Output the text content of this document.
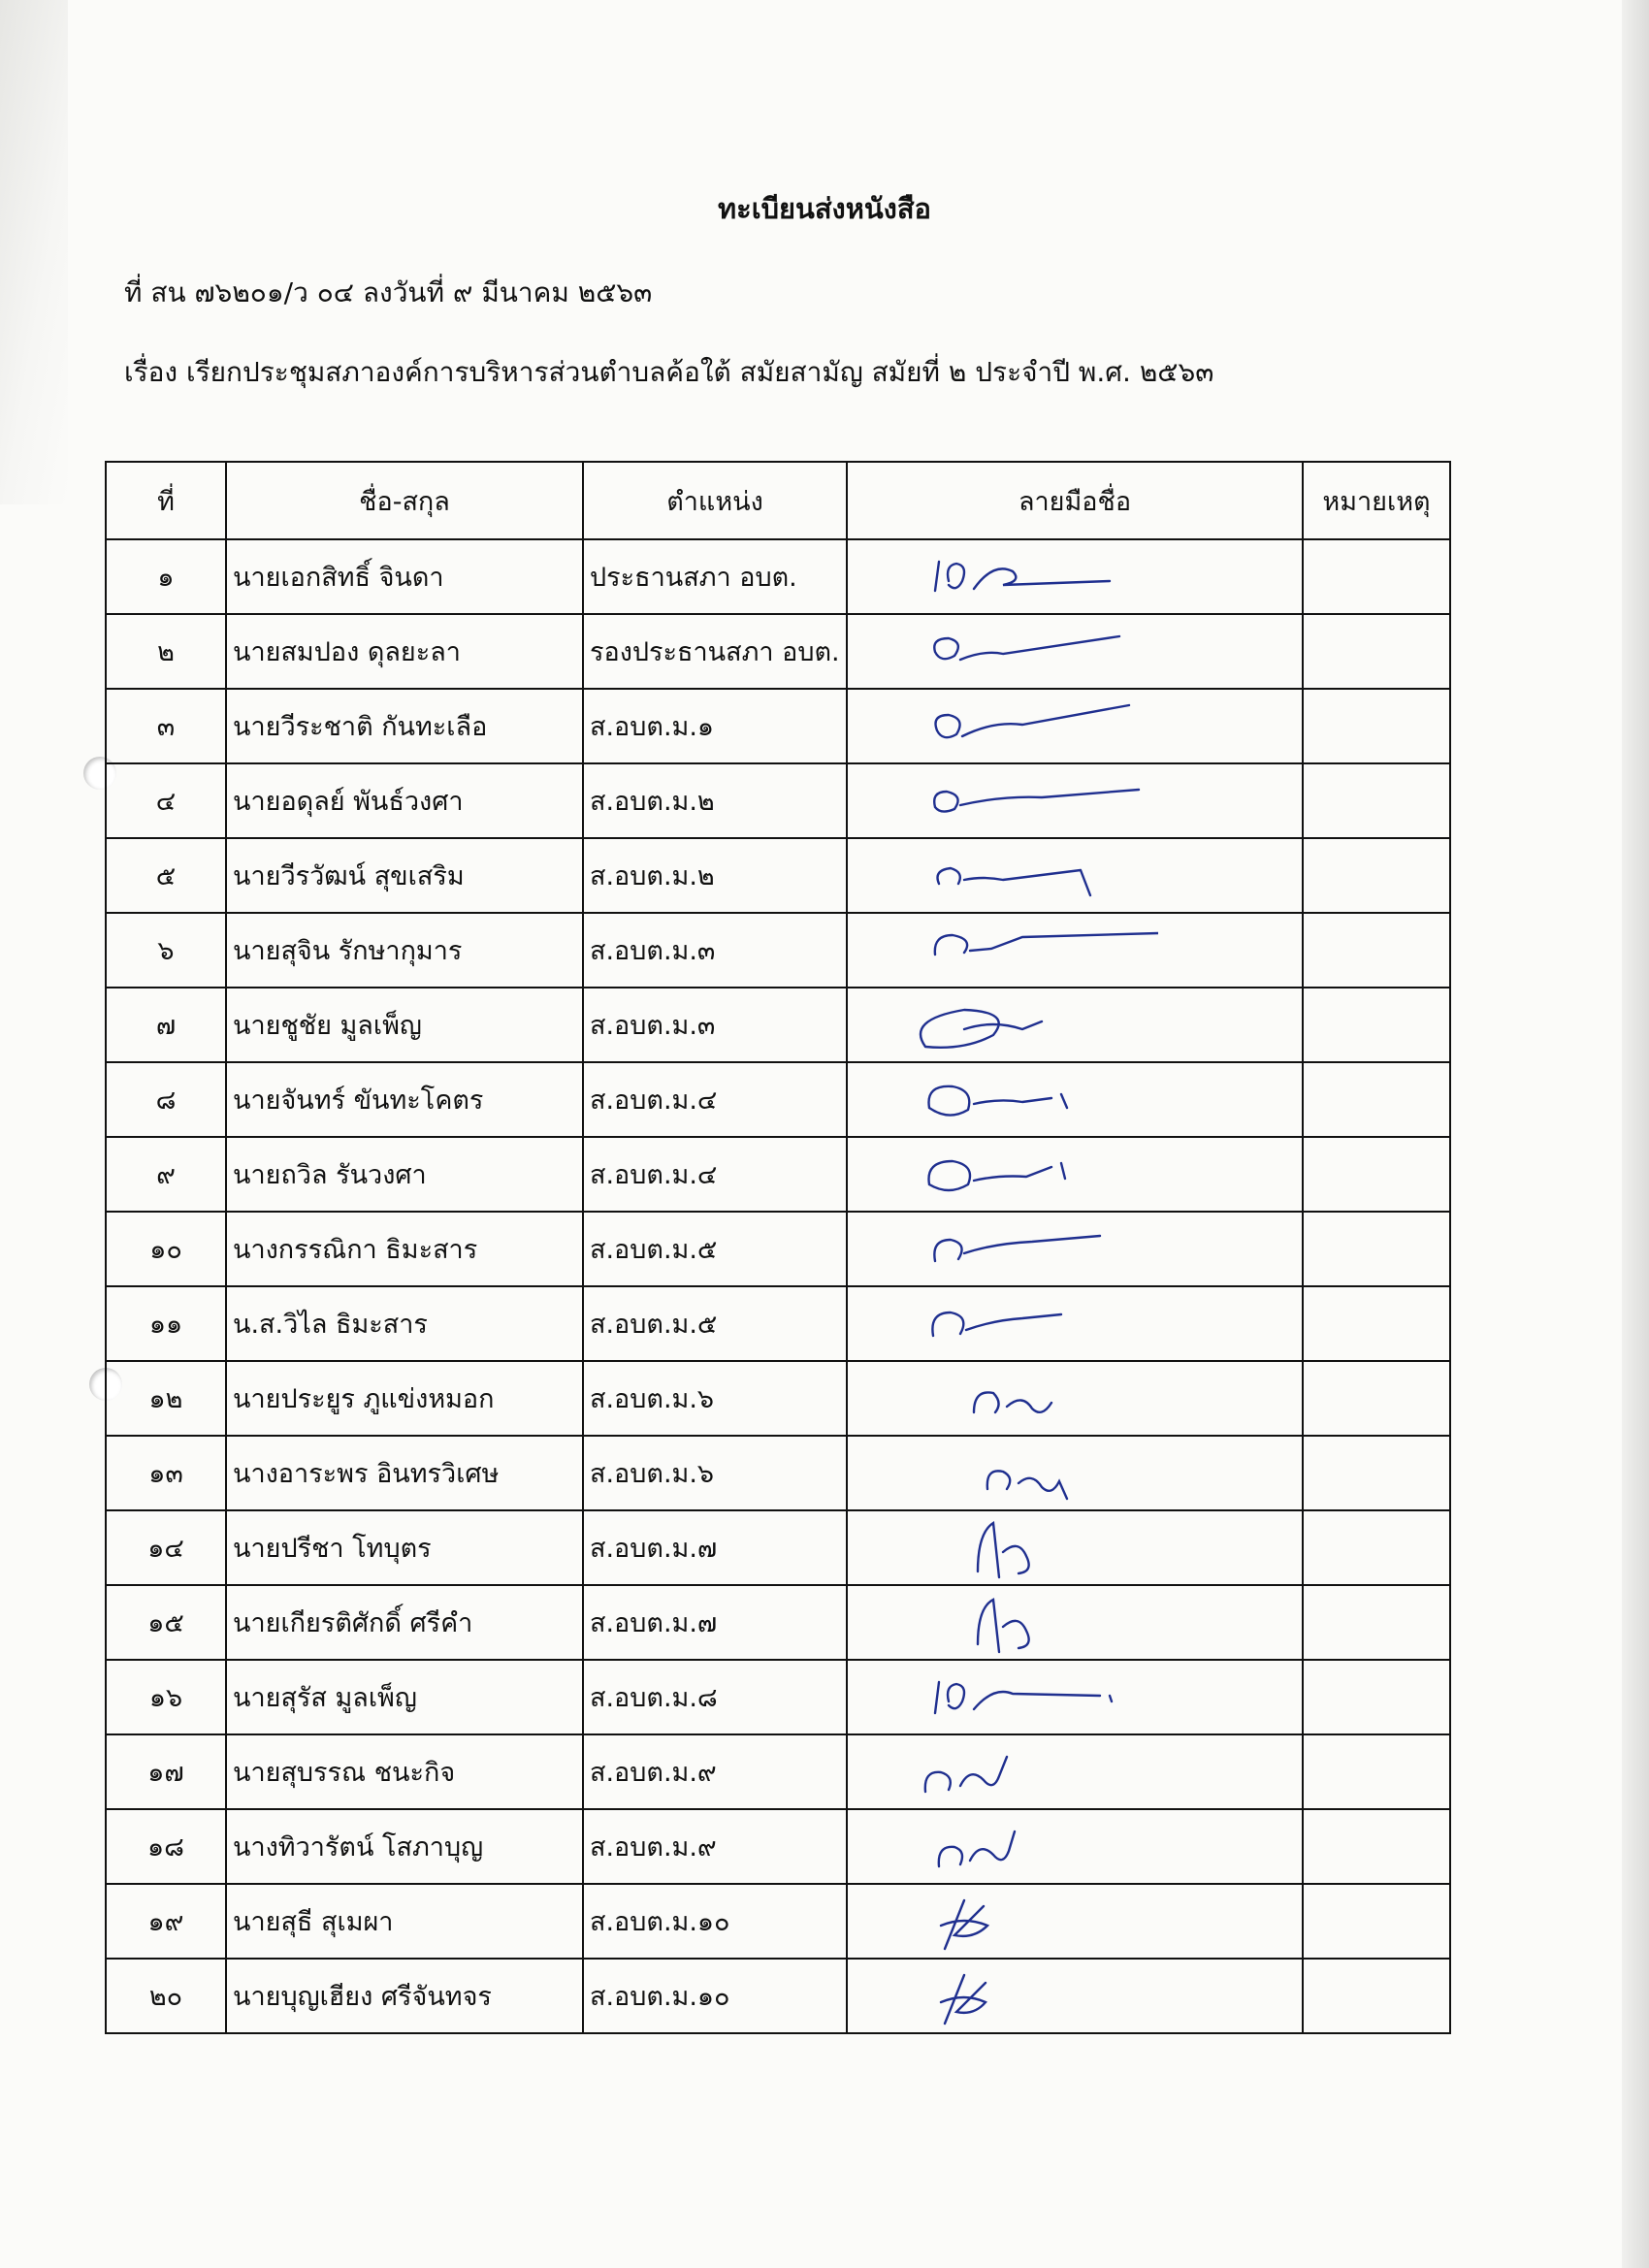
ทะเบียนส่งหนังสือ
ที่ สน ๗๖๒๐๑/ว ๐๔ ลงวันที่ ๙ มีนาคม ๒๕๖๓
เรื่อง เรียกประชุมสภาองค์การบริหารส่วนตำบลค้อใต้ สมัยสามัญ สมัยที่ ๒ ประจำปี พ.ศ. ๒๕๖๓
ที่	ชื่อ-สกุล	ตำแหน่ง	ลายมือชื่อ	หมายเหตุ
๑	นายเอกสิทธิ์ จินดา	ประธานสภา อบต.	

๒	นายสมปอง ดุลยะลา	รองประธานสภา อบต.	

๓	นายวีระชาติ กันทะเลือ	ส.อบต.ม.๑	

๔	นายอดุลย์ พันธ์วงศา	ส.อบต.ม.๒	

๕	นายวีรวัฒน์ สุขเสริม	ส.อบต.ม.๒	

๖	นายสุจิน รักษากุมาร	ส.อบต.ม.๓	

๗	นายชูชัย มูลเพ็ญ	ส.อบต.ม.๓	

๘	นายจันทร์ ขันทะโคตร	ส.อบต.ม.๔	

๙	นายถวิล รันวงศา	ส.อบต.ม.๔	

๑๐	นางกรรณิกา ธิมะสาร	ส.อบต.ม.๕	

๑๑	น.ส.วิไล ธิมะสาร	ส.อบต.ม.๕	

๑๒	นายประยูร ภูแข่งหมอก	ส.อบต.ม.๖	

๑๓	นางอาระพร อินทรวิเศษ	ส.อบต.ม.๖	

๑๔	นายปรีชา โทบุตร	ส.อบต.ม.๗	

๑๕	นายเกียรติศักดิ์ ศรีคำ	ส.อบต.ม.๗	

๑๖	นายสุรัส มูลเพ็ญ	ส.อบต.ม.๘	

๑๗	นายสุบรรณ ชนะกิจ	ส.อบต.ม.๙	

๑๘	นางทิวารัตน์ โสภาบุญ	ส.อบต.ม.๙	

๑๙	นายสุธี สุเมผา	ส.อบต.ม.๑๐	

๒๐	นายบุญเฮียง ศรีจันทจร	ส.อบต.ม.๑๐	
